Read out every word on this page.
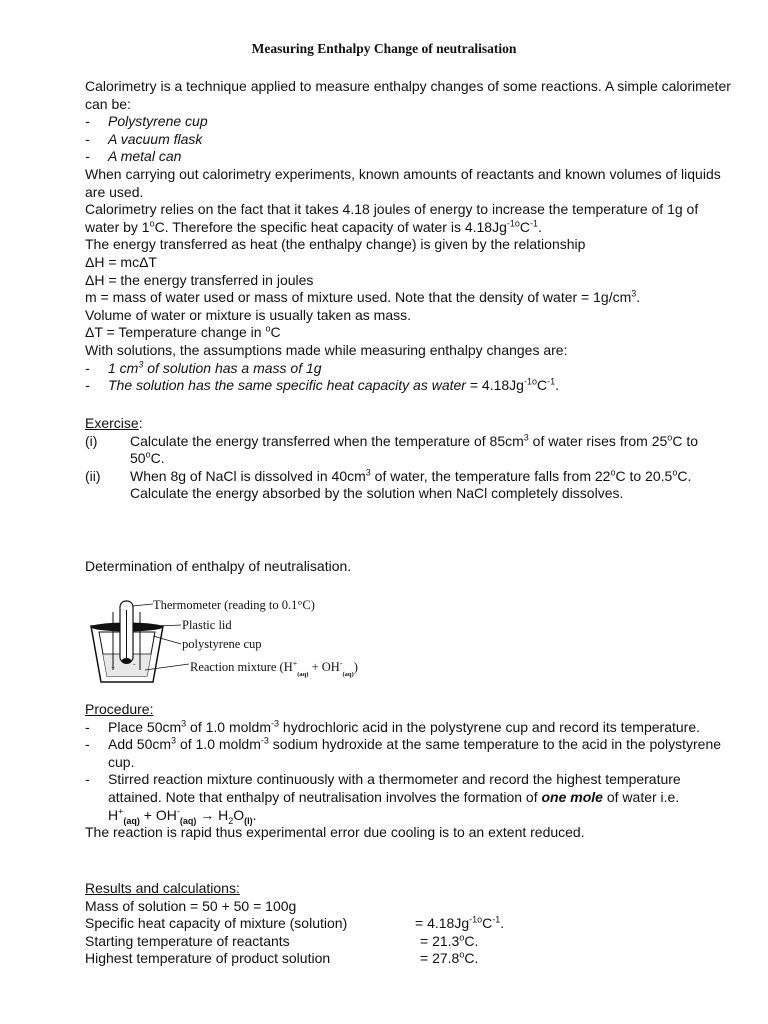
Measuring Enthalpy Change of neutralisation

Calorimetry is a technique applied to measure enthalpy changes of some reactions. A simple calorimeter can be:

- Polystyrene cup

- A vacuum flask

- A metal can

When carrying out calorimetry experiments, known amounts of reactants and known volumes of liquids are used.

Calorimetry relies on the fact that it takes 4.18 joules of energy to increase the temperature of 1g of water by 1$^o$C. Therefore the specific heat capacity of water is $4.18Jg^{-1o}C^{-1}$.

The energy transferred as heat (the enthalpy change) is given by the relationship

ΔH = mcΔT

ΔH = the energy transferred in joules

m = mass of water used or mass of mixture used. Note that the density of water = $1g/cm^3$.

Volume of water or mixture is usually taken as mass.

ΔT = Temperature change in $^o$C

With solutions, the assumptions made while measuring enthalpy changes are:

- 1 $cm^3$ of solution has a mass of 1g

- The solution has the same specific heat capacity as water = $4.18Jg^{-1o}C^{-1}$.

Exercise:

(i)	Calculate the energy transferred when the temperature of $85cm^3$ of water rises from 25$^o$C to 50$^o$C.
(ii)	When 8g of NaCl is dissolved in $40cm^3$ of water, the temperature falls from 22$^o$C to 20.5$^o$C. Calculate the energy absorbed by the solution when NaCl completely dissolves.
Determination of enthalpy of neutralisation.
+ -
Thermometer (reading to 0.1°C)
Plastic lid
polystyrene cup
Reaction mixture $(H^+_{(aq)} + OH^-_{(aq)})$

Procedure:

-	Place $50cm^3$ of 1.0 moldm$^{-3}$ hydrochloric acid in the polystyrene cup and record its temperature.
-	Add $50cm^3$ of 1.0 moldm$^{-3}$ sodium hydroxide at the same temperature to the acid in the polystyrene cup.
-	Stirred reaction mixture continuously with a thermometer and record the highest temperature attained. Note that enthalpy of neutralisation involves the formation of one mole of water i.e.
$H^+_{(aq)} + OH^-_{(aq)} \to H_2O_{(l)}$.

The reaction is rapid thus experimental error due cooling is to an extent reduced.

Results and calculations:

Mass of solution = 50 + 50 = 100g
Specific heat capacity of mixture (solution)	= $4.18Jg^{-1o}C^{-1}$.
Starting temperature of reactants	= $21.3^oC$.
Highest temperature of product solution	= $27.8^oC$.
